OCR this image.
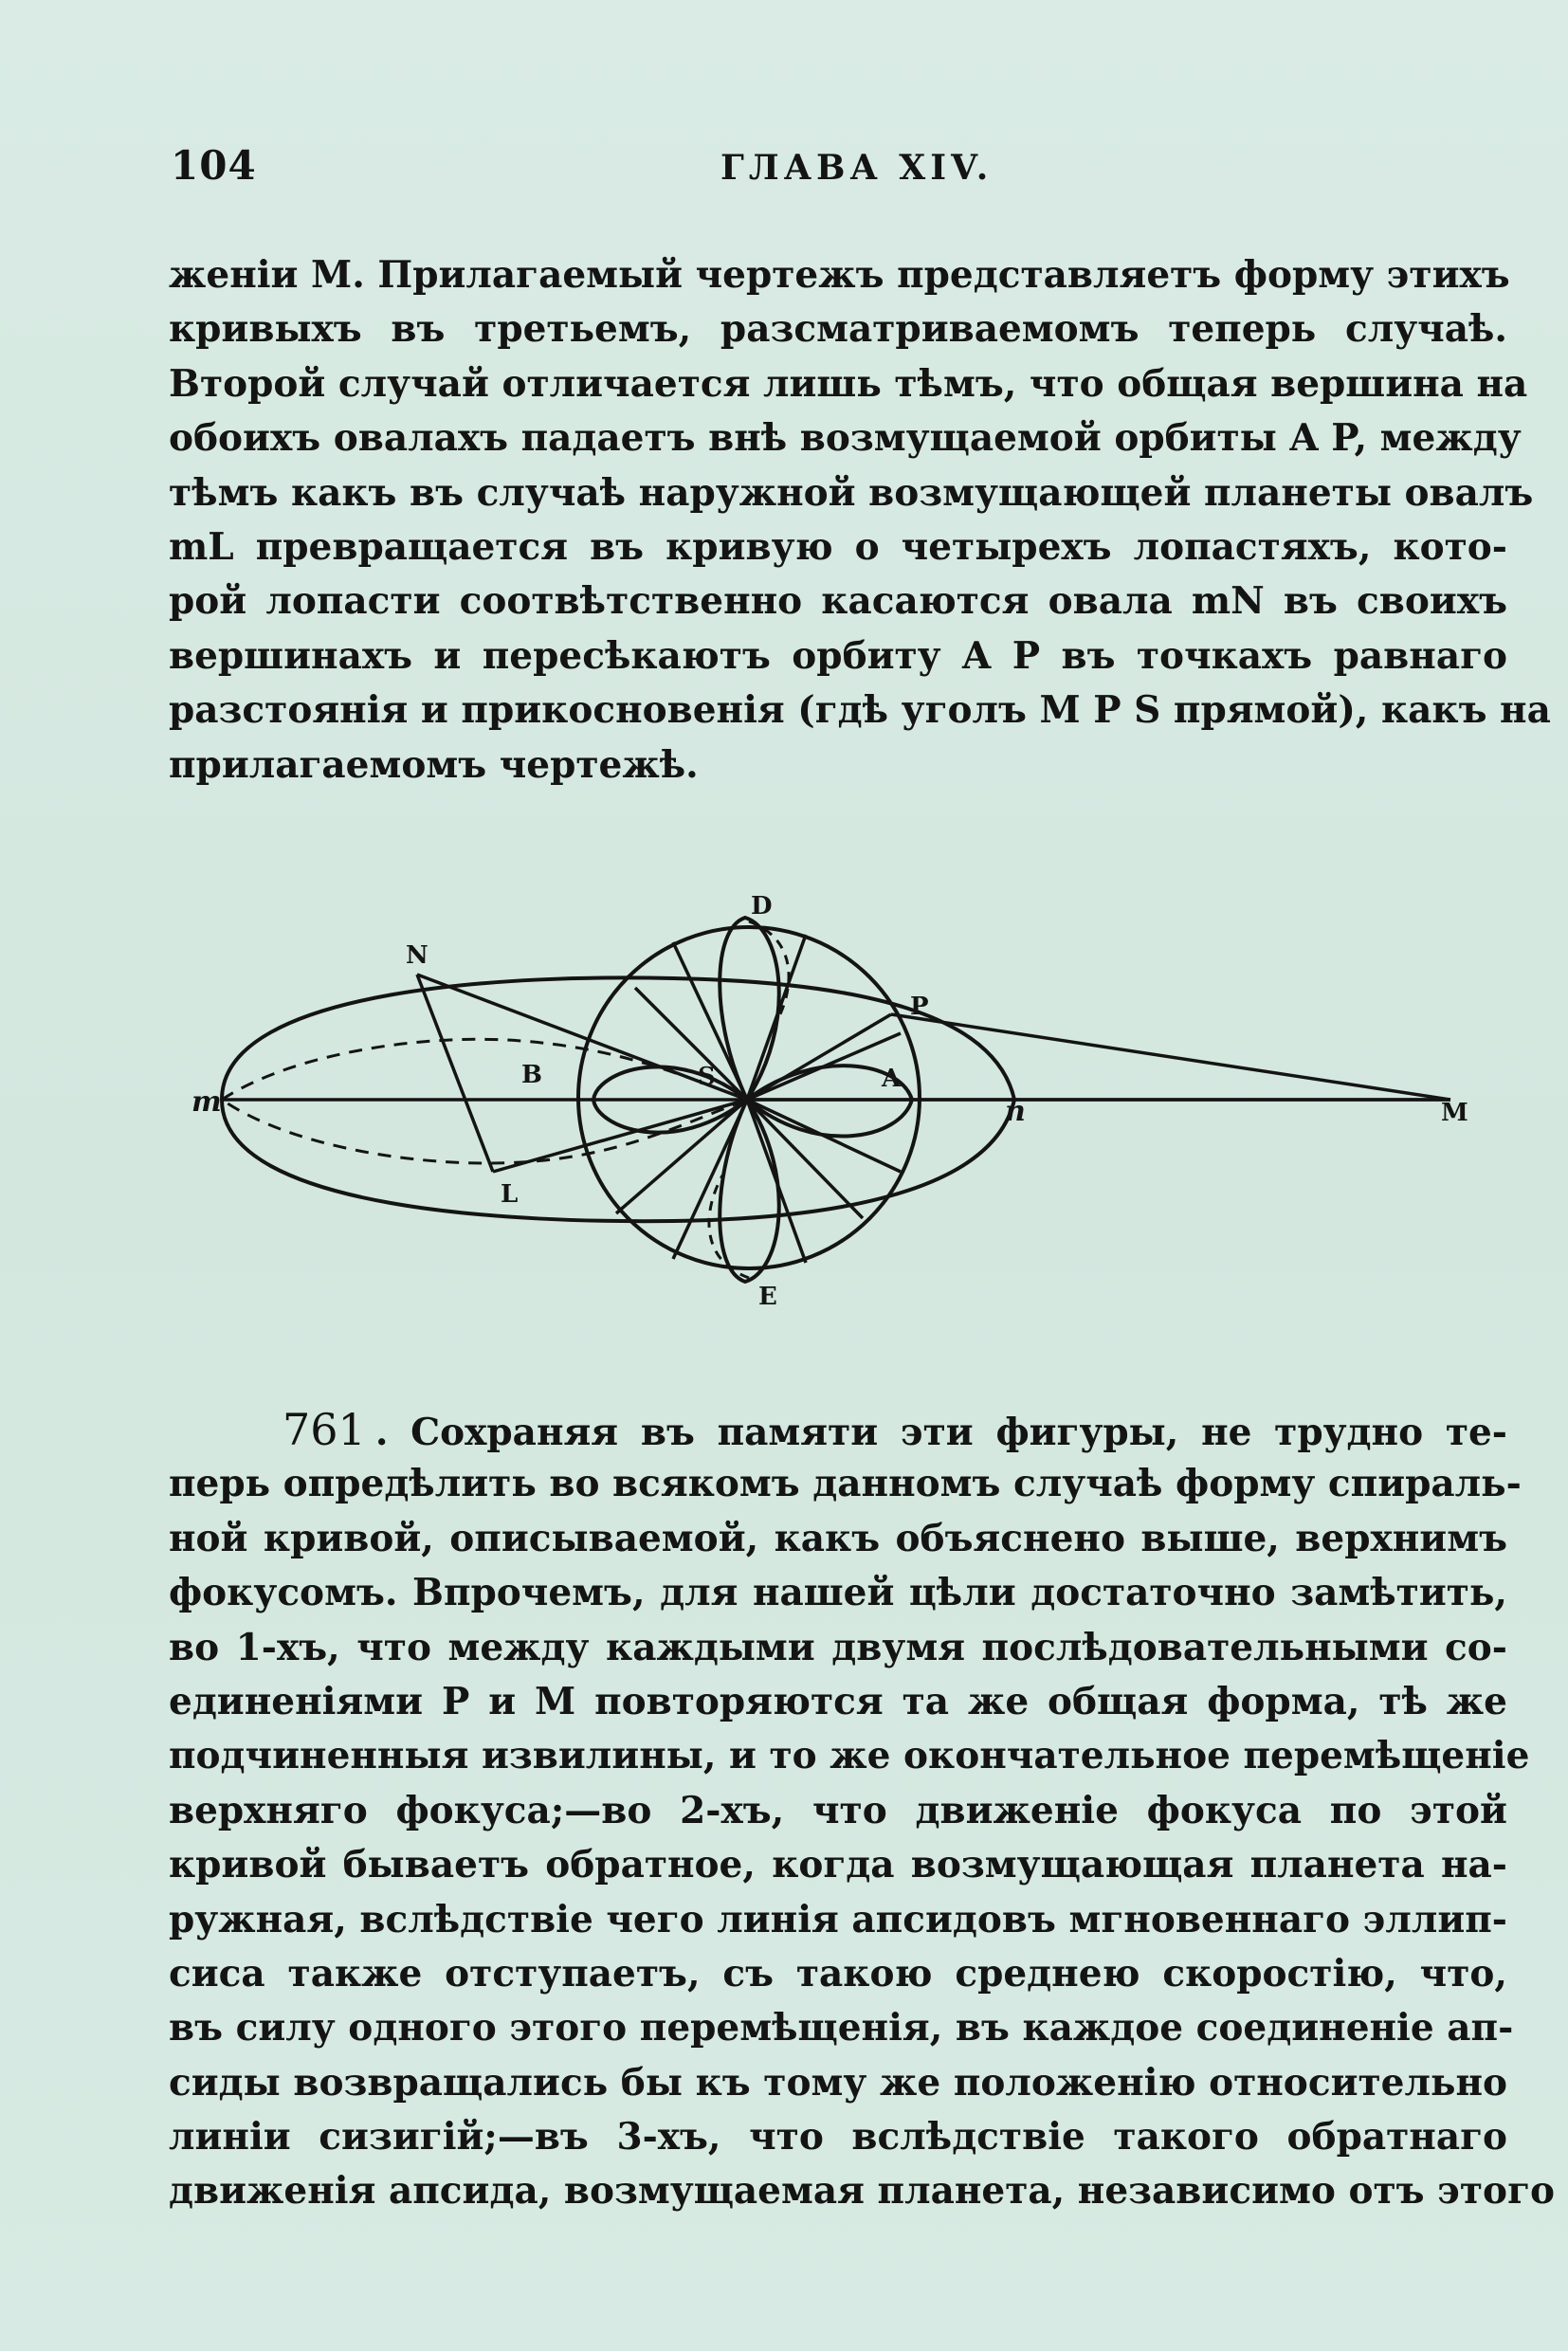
104	ГЛАВА XIV.
женіи M. Прилагаемый чертежъ представляетъ форму этихъ
кривыхъ въ третьемъ, разсматриваемомъ теперь случаѣ.
Второй случай отличается лишь тѣмъ, что общая вершина на
обоихъ овалахъ падаетъ внѣ возмущаемой орбиты A P, между
тѣмъ какъ въ случаѣ наружной возмущающей планеты овалъ
mL превращается въ кривую о четырехъ лопастяхъ, кото-
рой лопасти соотвѣтственно касаются овала mN въ своихъ
вершинахъ и пересѣкаютъ орбиту A P въ точкахъ равнаго
разстоянія и прикосновенія (гдѣ уголъ M P S прямой), какъ на
прилагаемомъ чертежѣ.
N
D
P
B	S	A
m	n	M
L
E
761 . Сохраняя въ памяти эти фигуры, не трудно те-
перь опредѣлить во всякомъ данномъ случаѣ форму спираль-
ной кривой, описываемой, какъ объяснено выше, верхнимъ
фокусомъ. Впрочемъ, для нашей цѣли достаточно замѣтить,
во 1-хъ, что между каждыми двумя послѣдовательными со-
единеніями P и M повторяются та же общая форма, тѣ же
подчиненныя извилины, и то же окончательное перемѣщеніе
верхняго фокуса;—во 2-хъ, что движеніе фокуса по этой
кривой бываетъ обратное, когда возмущающая планета на-
ружная, вслѣдствіе чего линія апсидовъ мгновеннаго эллип-
сиса также отступаетъ, съ такою среднею скоростію, что,
въ силу одного этого перемѣщенія, въ каждое соединеніе ап-
сиды возвращались бы къ тому же положенію относительно
линіи сизигій;—въ 3-хъ, что вслѣдствіе такого обратнаго
движенія апсида, возмущаемая планета, независимо отъ этого
